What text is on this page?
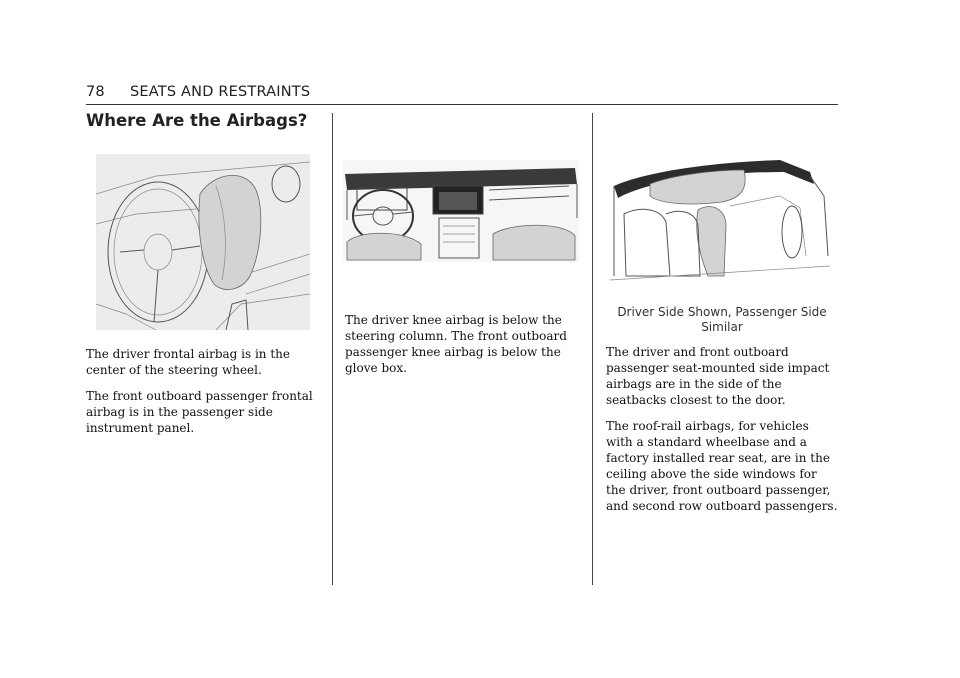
78 SEATS AND RESTRAINTS
Where Are the Airbags?
The driver frontal airbag is in the center of the steering wheel.
The front outboard passenger frontal airbag is in the passenger side instrument panel.
The driver knee airbag is below the steering column. The front outboard passenger knee airbag is below the glove box.
Driver Side Shown, Passenger Side Similar
The driver and front outboard passenger seat-mounted side impact airbags are in the side of the seatbacks closest to the door.
The roof-rail airbags, for vehicles with a standard wheelbase and a factory installed rear seat, are in the ceiling above the side windows for the driver, front outboard passenger, and second row outboard passengers.
